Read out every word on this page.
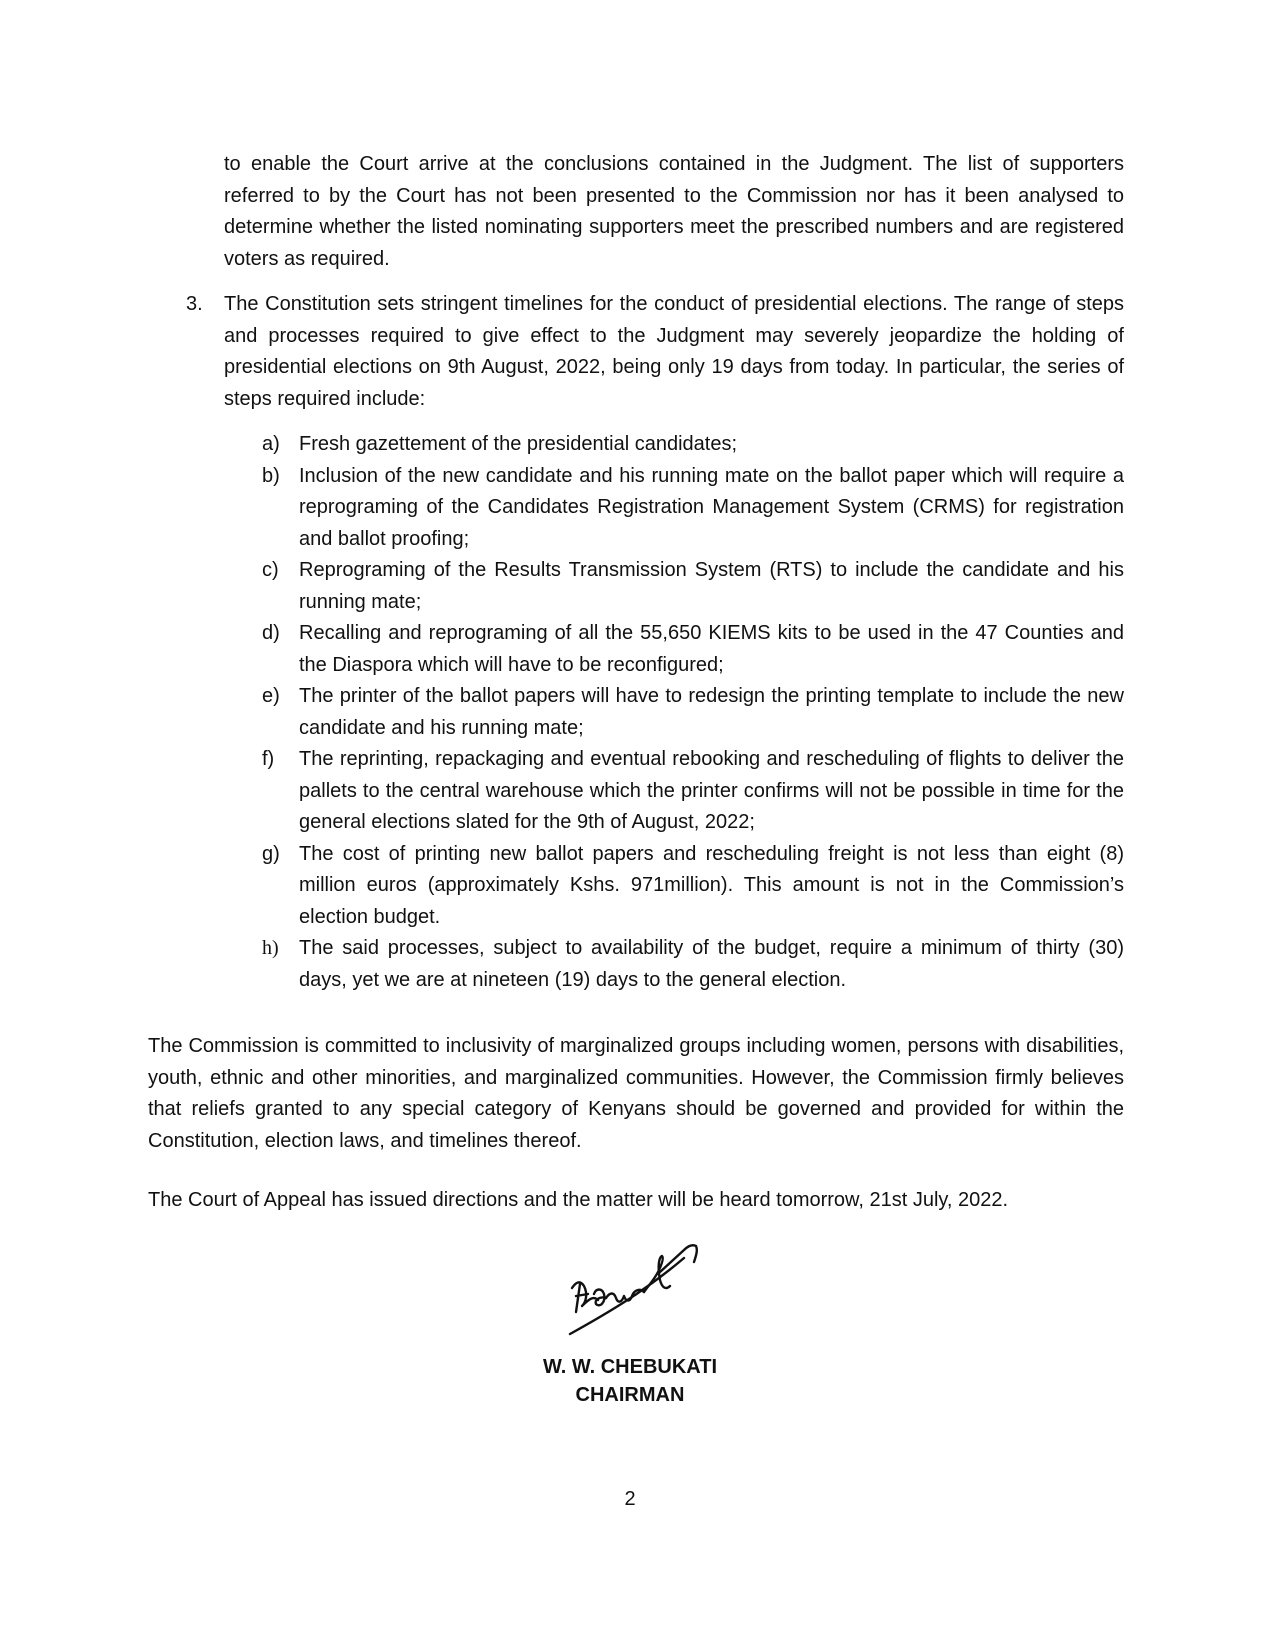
to enable the Court arrive at the conclusions contained in the Judgment. The list of supporters referred to by the Court has not been presented to the Commission nor has it been analysed to determine whether the listed nominating supporters meet the prescribed numbers and are registered voters as required.
3. The Constitution sets stringent timelines for the conduct of presidential elections. The range of steps and processes required to give effect to the Judgment may severely jeopardize the holding of presidential elections on 9th August, 2022, being only 19 days from today. In particular, the series of steps required include:
a) Fresh gazettement of the presidential candidates;
b) Inclusion of the new candidate and his running mate on the ballot paper which will require a reprograming of the Candidates Registration Management System (CRMS) for registration and ballot proofing;
c) Reprograming of the Results Transmission System (RTS) to include the candidate and his running mate;
d) Recalling and reprograming of all the 55,650 KIEMS kits to be used in the 47 Counties and the Diaspora which will have to be reconfigured;
e) The printer of the ballot papers will have to redesign the printing template to include the new candidate and his running mate;
f) The reprinting, repackaging and eventual rebooking and rescheduling of flights to deliver the pallets to the central warehouse which the printer confirms will not be possible in time for the general elections slated for the 9th of August, 2022;
g) The cost of printing new ballot papers and rescheduling freight is not less than eight (8) million euros (approximately Kshs. 971million). This amount is not in the Commission’s election budget.
h) The said processes, subject to availability of the budget, require a minimum of thirty (30) days, yet we are at nineteen (19) days to the general election.
The Commission is committed to inclusivity of marginalized groups including women, persons with disabilities, youth, ethnic and other minorities, and marginalized communities. However, the Commission firmly believes that reliefs granted to any special category of Kenyans should be governed and provided for within the Constitution, election laws, and timelines thereof.
The Court of Appeal has issued directions and the matter will be heard tomorrow, 21st July, 2022.
W. W. CHEBUKATI
CHAIRMAN
2
